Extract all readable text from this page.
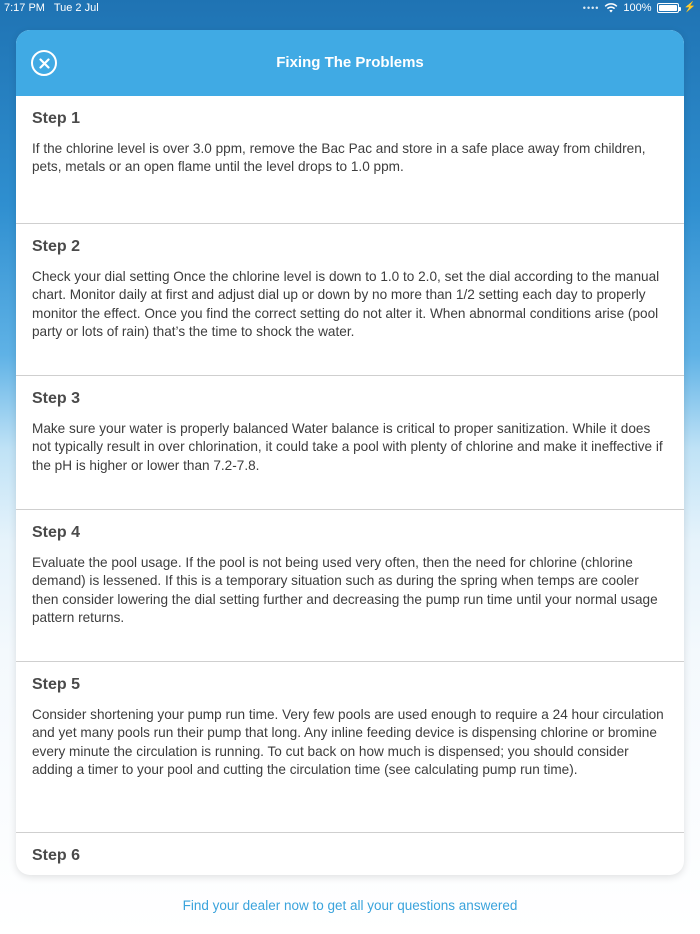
7:17 PM Tue 2 Jul	•••• 100%	⚡
Fixing The Problems

Step 1

If the chlorine level is over 3.0 ppm, remove the Bac Pac and store in a safe place away from children, pets, metals or an open flame until the level drops to 1.0 ppm.

Step 2

Check your dial setting Once the chlorine level is down to 1.0 to 2.0, set the dial according to the manual chart. Monitor daily at first and adjust dial up or down by no more than 1/2 setting each day to properly monitor the effect. Once you find the correct setting do not alter it. When abnormal conditions arise (pool party or lots of rain) that’s the time to shock the water.

Step 3

Make sure your water is properly balanced Water balance is critical to proper sanitization. While it does not typically result in over chlorination, it could take a pool with plenty of chlorine and make it ineffective if the pH is higher or lower than 7.2-7.8.

Step 4

Evaluate the pool usage. If the pool is not being used very often, then the need for chlorine (chlorine demand) is lessened. If this is a temporary situation such as during the spring when temps are cooler then consider lowering the dial setting further and decreasing the pump run time until your normal usage pattern returns.

Step 5

Consider shortening your pump run time. Very few pools are used enough to require a 24 hour circulation and yet many pools run their pump that long. Any inline feeding device is dispensing chlorine or bromine every minute the circulation is running. To cut back on how much is dispensed; you should consider adding a timer to your pool and cutting the circulation time (see calculating pump run time).

Step 6

Find your dealer now to get all your questions answered
